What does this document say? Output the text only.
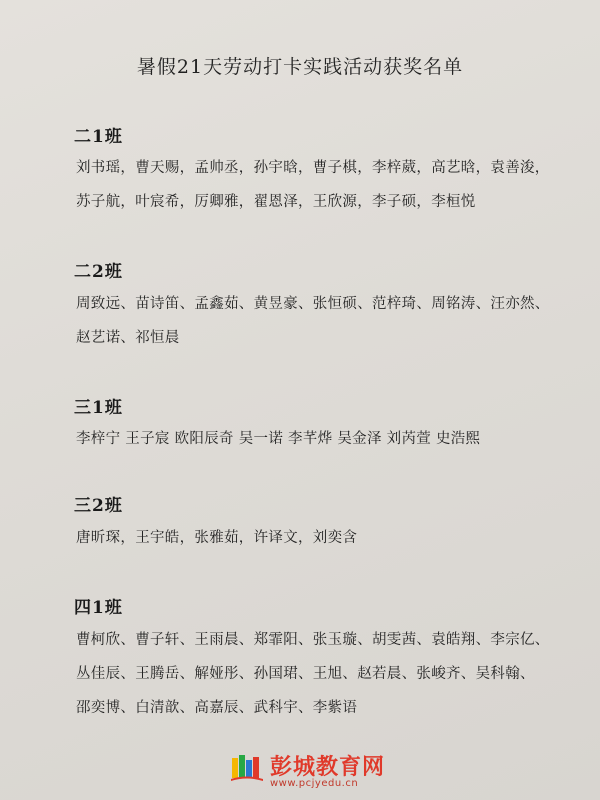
暑假21天劳动打卡实践活动获奖名单
二1班
刘书瑶，曹天赐，孟帅丞，孙宇晗，曹子棋，李梓葳，高艺晗，袁善浚，
苏子航，叶宸希，厉卿雅，翟恩泽，王欣源，李子硕，李桓悦
二2班
周致远、苗诗笛、孟鑫茹、黄昱豪、张恒硕、范梓琦、周铭涛、汪亦然、
赵艺诺、祁恒晨
三1班
李梓宁 王子宸 欧阳辰奇 吴一诺 李芊烨 吴金泽 刘芮萱 史浩熙
三2班
唐昕琛，王宇皓，张雅茹，许译文，刘奕含
四1班
曹柯欣、曹子轩、王雨晨、郑霏阳、张玉璇、胡雯茜、袁皓翔、李宗亿、
丛佳辰、王腾岳、解娅彤、孙国珺、王旭、赵若晨、张峻齐、吴科翰、
邵奕博、白清歆、高嘉辰、武科宇、李紫语
彭城教育网
www.pcjyedu.cn
